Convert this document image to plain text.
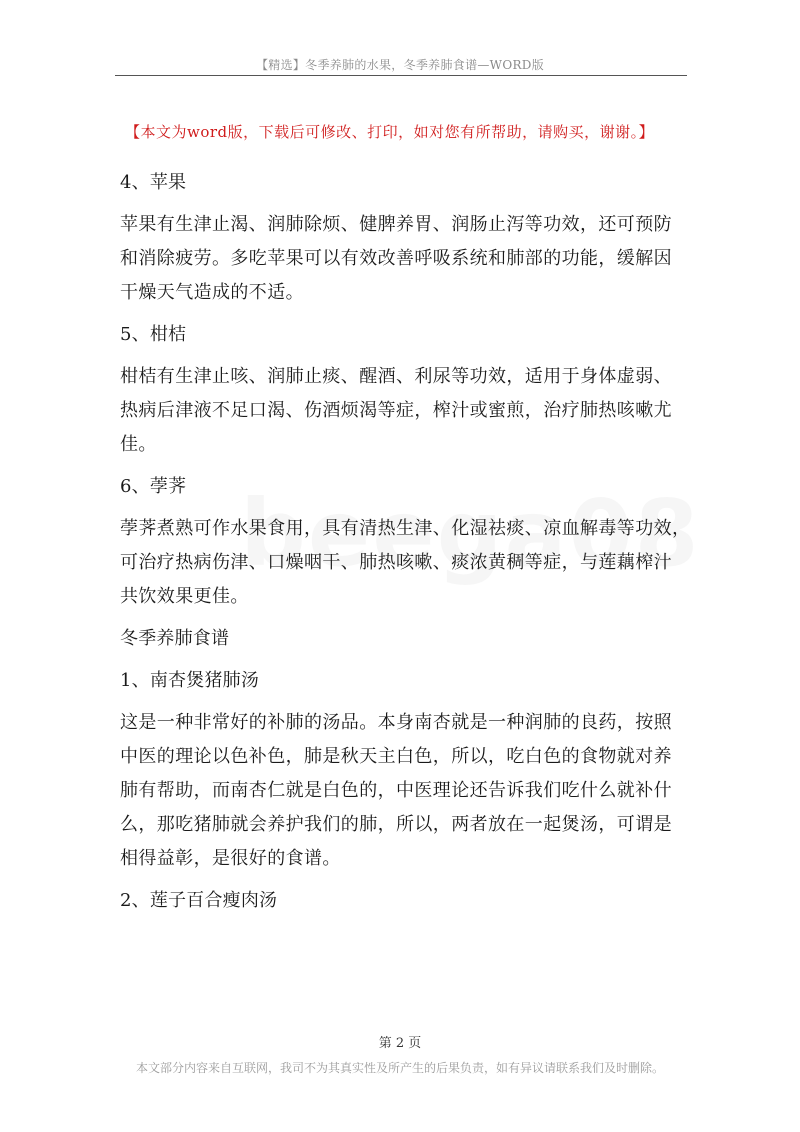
【精选】冬季养肺的水果，冬季养肺食谱—WORD版
【本文为word版，下载后可修改、打印，如对您有所帮助，请购买，谢谢。】
4、苹果
苹果有生津止渴、润肺除烦、健脾养胃、润肠止泻等功效，还可预防
和消除疲劳。多吃苹果可以有效改善呼吸系统和肺部的功能，缓解因
干燥天气造成的不适。
5、柑桔
柑桔有生津止咳、润肺止痰、醒酒、利尿等功效，适用于身体虚弱、
热病后津液不足口渴、伤酒烦渴等症，榨汁或蜜煎，治疗肺热咳嗽尤
佳。
6、荸荠
荸荠煮熟可作水果食用，具有清热生津、化湿祛痰、凉血解毒等功效，
可治疗热病伤津、口燥咽干、肺热咳嗽、痰浓黄稠等症，与莲藕榨汁
共饮效果更佳。
冬季养肺食谱
1、南杏煲猪肺汤
这是一种非常好的补肺的汤品。本身南杏就是一种润肺的良药，按照
中医的理论以色补色，肺是秋天主白色，所以，吃白色的食物就对养
肺有帮助，而南杏仁就是白色的，中医理论还告诉我们吃什么就补什
么，那吃猪肺就会养护我们的肺，所以，两者放在一起煲汤，可谓是
相得益彰，是很好的食谱。
2、莲子百合瘦肉汤
第 2 页
本文部分内容来自互联网，我司不为其真实性及所产生的后果负责，如有异议请联系我们及时删除。
